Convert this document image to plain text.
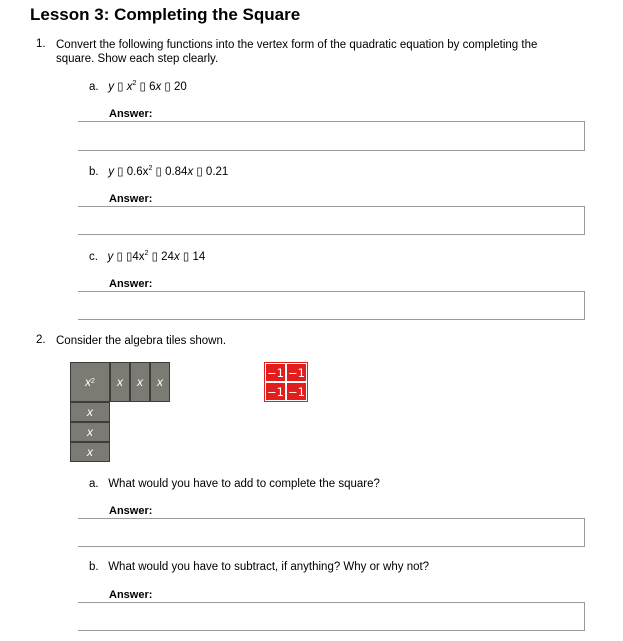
Lesson 3: Completing the Square
1. Convert the following functions into the vertex form of the quadratic equation by completing the square. Show each step clearly.
a. y ▯ $x^2$ ▯ 6x ▯ 20
Answer:
b. y ▯ $0.6x^2$ ▯ 0.84x ▯ 0.21
Answer:
c. y ▯ $▯4x^2$ ▯ 24x ▯ 14
Answer:
2. Consider the algebra tiles shown.
x 2	x	x	x
x
x
x
−1 −1
−1 −1
a. What would you have to add to complete the square?
Answer:
b. What would you have to subtract, if anything? Why or why not?
Answer:
